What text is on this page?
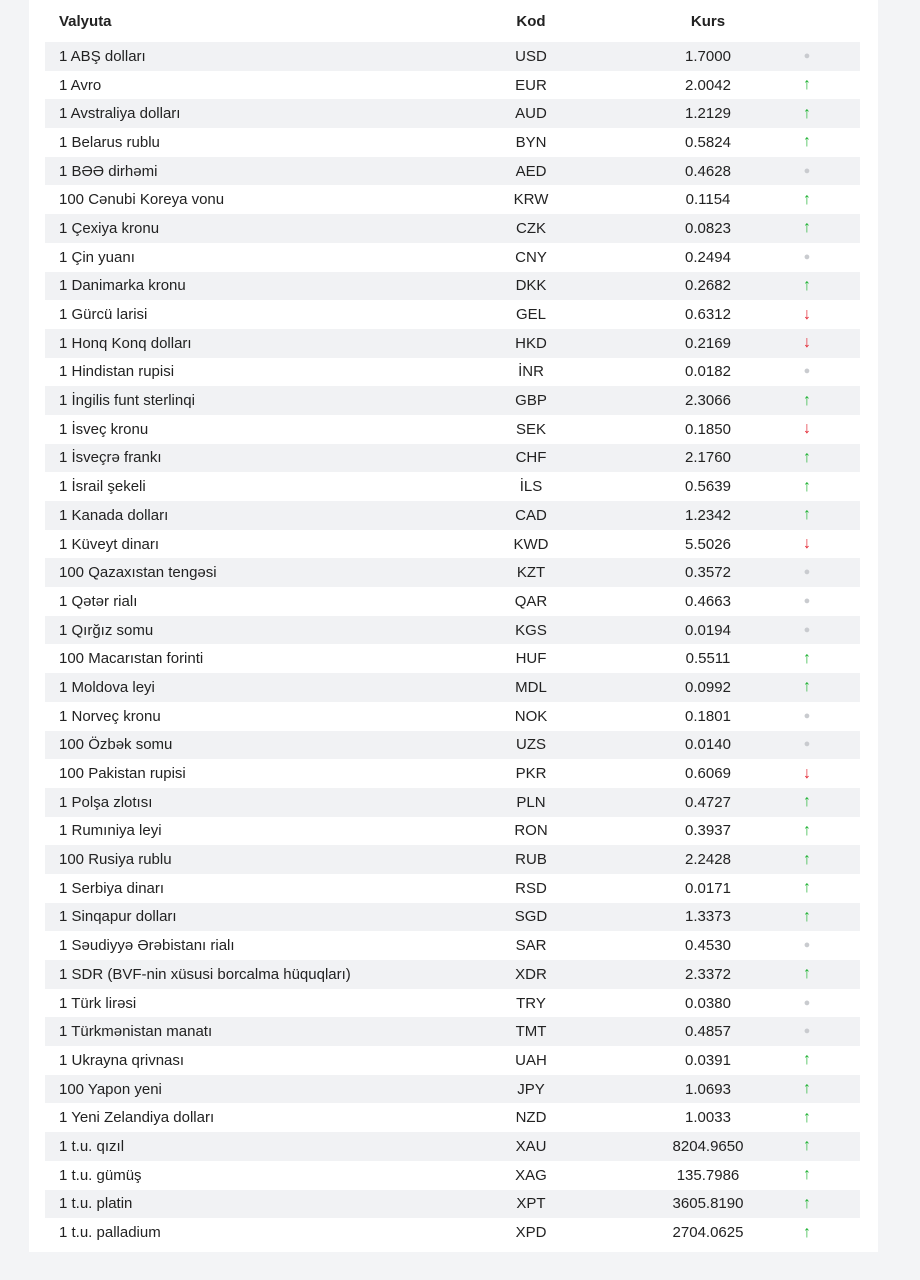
Valyuta	Kod	Kurs
1 ABŞ dolları	USD	1.7000	●
1 Avro	EUR	2.0042	↑
1 Avstraliya dolları	AUD	1.2129	↑
1 Belarus rublu	BYN	0.5824	↑
1 BƏƏ dirhəmi	AED	0.4628	●
100 Cənubi Koreya vonu	KRW	0.1154	↑
1 Çexiya kronu	CZK	0.0823	↑
1 Çin yuanı	CNY	0.2494	●
1 Danimarka kronu	DKK	0.2682	↑
1 Gürcü larisi	GEL	0.6312	↓
1 Honq Konq dolları	HKD	0.2169	↓
1 Hindistan rupisi	İNR	0.0182	●
1 İngilis funt sterlinqi	GBP	2.3066	↑
1 İsveç kronu	SEK	0.1850	↓
1 İsveçrə frankı	CHF	2.1760	↑
1 İsrail şekeli	İLS	0.5639	↑
1 Kanada dolları	CAD	1.2342	↑
1 Küveyt dinarı	KWD	5.5026	↓
100 Qazaxıstan tengəsi	KZT	0.3572	●
1 Qətər rialı	QAR	0.4663	●
1 Qırğız somu	KGS	0.0194	●
100 Macarıstan forinti	HUF	0.5511	↑
1 Moldova leyi	MDL	0.0992	↑
1 Norveç kronu	NOK	0.1801	●
100 Özbək somu	UZS	0.0140	●
100 Pakistan rupisi	PKR	0.6069	↓
1 Polşa zlotısı	PLN	0.4727	↑
1 Rumıniya leyi	RON	0.3937	↑
100 Rusiya rublu	RUB	2.2428	↑
1 Serbiya dinarı	RSD	0.0171	↑
1 Sinqapur dolları	SGD	1.3373	↑
1 Səudiyyə Ərəbistanı rialı	SAR	0.4530	●
1 SDR (BVF-nin xüsusi borcalma hüquqları)	XDR	2.3372	↑
1 Türk lirəsi	TRY	0.0380	●
1 Türkmənistan manatı	TMT	0.4857	●
1 Ukrayna qrivnası	UAH	0.0391	↑
100 Yapon yeni	JPY	1.0693	↑
1 Yeni Zelandiya dolları	NZD	1.0033	↑
1 t.u. qızıl	XAU	8204.9650	↑
1 t.u. gümüş	XAG	135.7986	↑
1 t.u. platin	XPT	3605.8190	↑
1 t.u. palladium	XPD	2704.0625	↑
